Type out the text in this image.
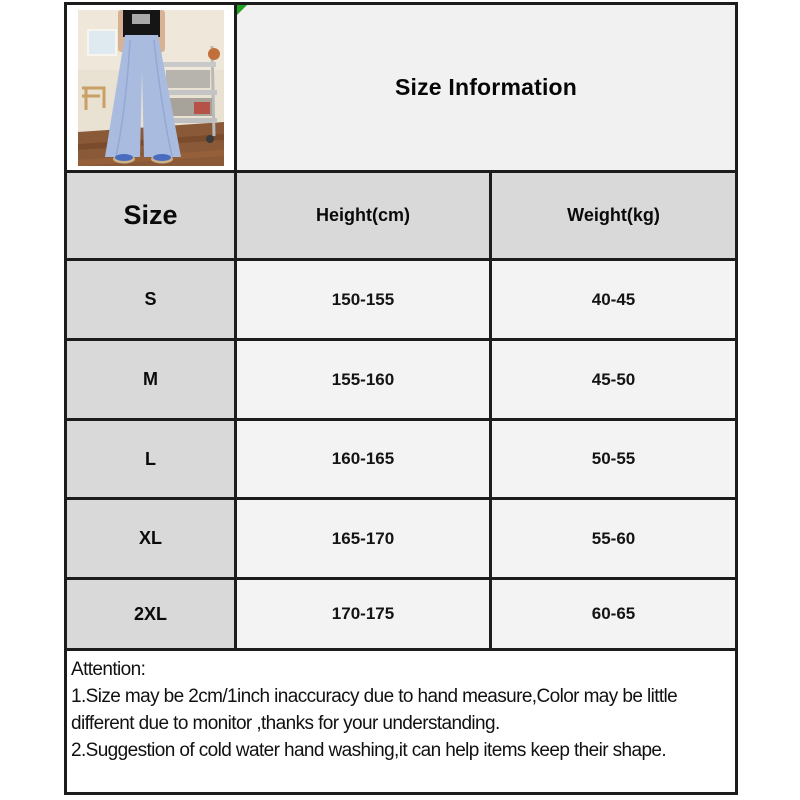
Size Information
Size	Height(cm)	Weight(kg)
S	150-155	40-45
M	155-160	45-50
L	160-165	50-55
XL	165-170	55-60
2XL	170-175	60-65
Attention:
1.Size may be 2cm/1inch inaccuracy due to hand measure,Color may be little
different due to monitor ,thanks for your understanding.
2.Suggestion of cold water hand washing,it can help items keep their shape.
